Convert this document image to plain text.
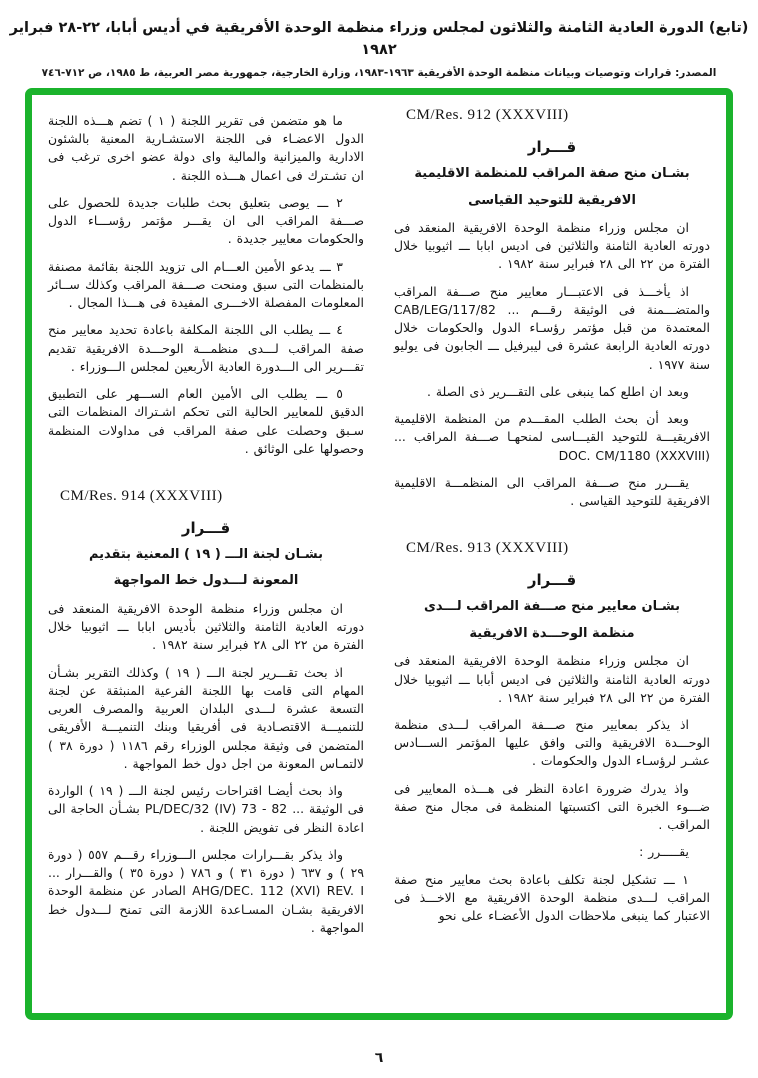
(تابع) الدورة العادية الثامنة والثلاثون لمجلس وزراء منظمة الوحدة الأفريقية في أديس أبابا، ٢٢-٢٨ فبراير ١٩٨٢
المصدر: قرارات وتوصيات وبيانات منظمة الوحدة الأفريقية ١٩٦٣-١٩٨٣، وزارة الخارجية، جمهورية مصر العربية، ط ١٩٨٥، ص ٧١٢-٧٤٦
CM/Res. 912 (XXXVIII)
قـــرار
بشـان منح صفة المراقب للمنظمة الاقليمية
الافريقية للتوحيد القياسى

ان مجلس وزراء منظمة الوحدة الافريقية المنعقد فى دورته العادية الثامنة والثلاثين فى اديس ابابا ـــ اثيوبيا خلال الفترة من ٢٢ الى ٢٨ فبراير سنة ١٩٨٢ .

اذ يأخـــذ فى الاعتبـــار معايير منح صـــفة المراقب والمتضـــمنة فى الوثيقة رقـــم ... CAB/LEG/117/82 المعتمدة من قبل مؤتمر رؤسـاء الدول والحكومات خلال دورته العادية الرابعة عشرة فى ليبرفيل ـــ الجابون فى يوليو سنة ١٩٧٧ .

وبعد ان اطلع كما ينبغى على التقـــرير ذى الصلة .

وبعد أن بحث الطلب المقـــدم من المنظمة الاقليمية الافريقيـــة للتوحيد القيـــاسى لمنحهـا صـــفة المراقب ... DOC. CM/1180 (XXXVIII)

يقـــرر منح صـــفة المراقب الى المنظمـــة الاقليمية الافريقية للتوحيد القياسى .

CM/Res. 913 (XXXVIII)
قـــرار
بشـان معايير منح صـــفة المراقب لـــدى
منظمة الوحـــدة الافريقية

ان مجلس وزراء منظمة الوحدة الافريقية المنعقد فى دورته العادية الثامنة والثلاثين فى اديس أبابا ـــ اثيوبيا خلال الفترة من ٢٢ الى ٢٨ فبراير سنة ١٩٨٢ .

اذ يذكر بمعايير منح صـــفة المراقب لـــدى منظمة الوحـــدة الافريقية والتى وافق عليها المؤتمر الســـادس عشـر لرؤسـاء الدول والحكومات .

واذ يدرك ضرورة اعادة النظر فى هـــذه المعايير فى ضـــوء الخبرة التى اكتسبتها المنظمة فى مجال منح صفة المراقب .

يقـــــرر :

١ ـــ تشكيل لجنة تكلف باعادة بحث معايير منح صفة المراقب لـــدى منظمة الوحدة الافريقية مع الاخـــذ فى الاعتبار كما ينبغى ملاحظات الدول الأعضـاء على نحو

ما هو متضمن فى تقرير اللجنة ( ١ ) تضم هـــذه اللجنة الدول الاعضـاء فى اللجنة الاستشـارية المعنية بالشئون الادارية والميزانية والمالية واى دولة عضو اخرى ترغب فى ان تشـترك فى اعمال هـــذه اللجنة .

٢ ـــ يوصى بتعليق بحث طلبات جديدة للحصول على صـــفة المراقب الى ان يقـــر مؤتمر رؤســـاء الدول والحكومات معايير جديدة .

٣ ـــ يدعو الأمين العـــام الى تزويد اللجنة بقائمة مصنفة بالمنظمات التى سبق ومنحت صـــفة المراقب وكذلك ســائر المعلومات المفصلة الاخـــرى المفيدة فى هـــذا المجال .

٤ ـــ يطلب الى اللجنة المكلفة باعادة تحديد معايير منح صفة المراقب لـــدى منظمـــة الوحـــدة الافريقية تقديم تقـــرير الى الـــدورة العادية الأربعين لمجلس الـــوزراء .

٥ ـــ يطلب الى الأمين العام الســـهر على التطبيق الدقيق للمعايير الحالية التى تحكم اشـتراك المنظمات التى سـبق وحصلت على صفة المراقب فى مداولات المنظمة وحصولها على الوثائق .

CM/Res. 914 (XXXVIII)
قـــرار
بشـان لجنة الـــ ( ١٩ ) المعنية بتقديم
المعونة لـــدول خط المواجهة

ان مجلس وزراء منظمة الوحدة الافريقية المنعقد فى دورته العادية الثامنة والثلاثين بأديس ابابا ـــ اثيوبيا خلال الفترة من ٢٢ الى ٢٨ فبراير سنة ١٩٨٢ .

اذ بحث تقـــرير لجنة الـــ ( ١٩ ) وكذلك التقرير بشـأن المهام التى قامت بها اللجنة الفرعية المنبثقة عن لجنة التسعة عشرة لـــدى البلدان العربية والمصرف العربى للتنميـــة الاقتصـادية فى أفريقيا وبنك التنميـــة الأفريقى المتضمن فى وثيقة مجلس الوزراء رقم ١١٨٦ ( دورة ٣٨ ) لالتمـاس المعونة من اجل دول خط المواجهة .

واذ بحث أيضـا اقتراحات رئيس لجنة الـــ ( ١٩ ) الواردة فى الوثيقة ... PL/DEC/32 (IV) 73 - 82 بشـأن الحاجة الى اعادة النظر فى تفويض اللجنة .

واذ يذكر بقـــرارات مجلس الـــوزراء رقـــم ٥٥٧ ( دورة ٢٩ ) و ٦٣٧ ( دورة ٣١ ) و ٧٨٦ ( دورة ٣٥ ) والقـــرار ... AHG/DEC. 112 (XVI) REV. I الصادر عن منظمة الوحدة الافريقية بشـان المسـاعدة اللازمة التى تمنح لـــدول خط المواجهة .

٦
